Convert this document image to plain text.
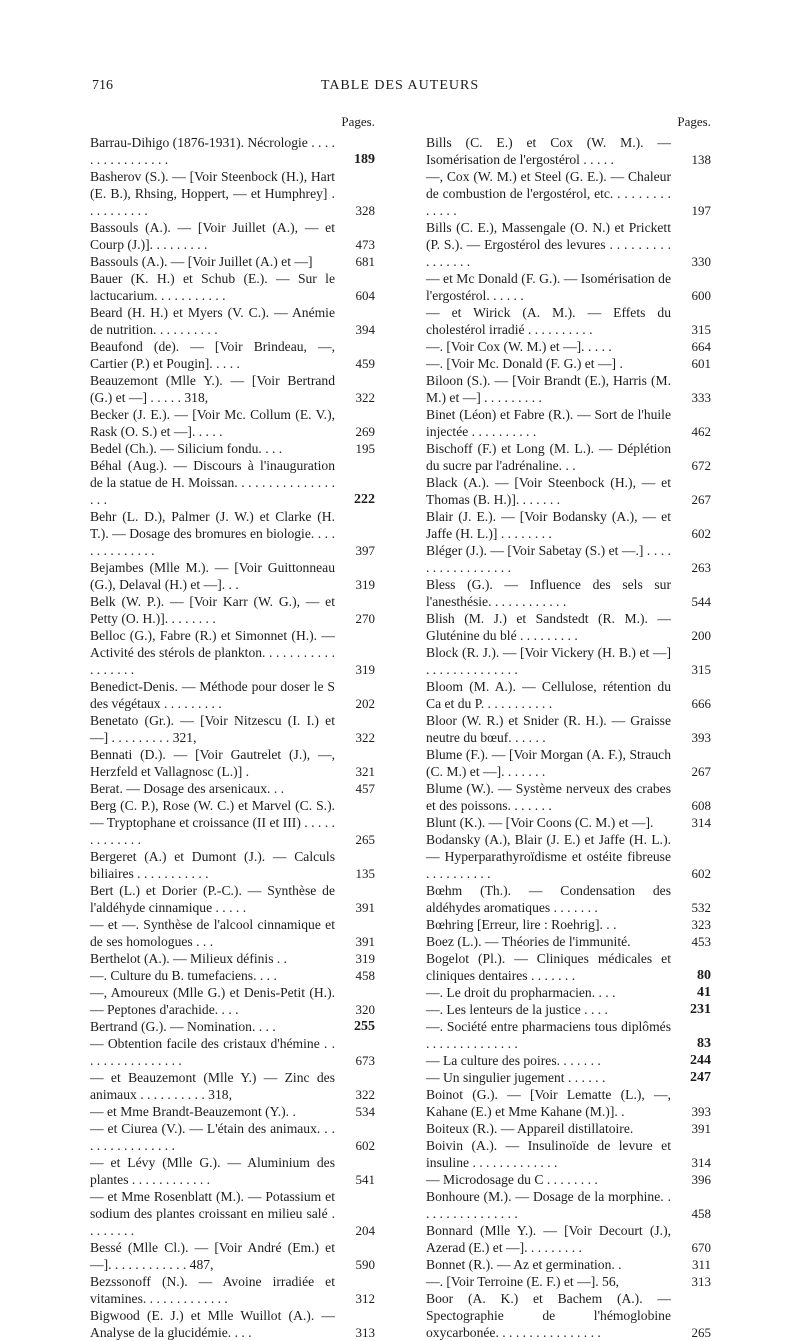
716	TABLE DES AUTEURS
Pages.
Barrau-Dihigo (1876-1931). Nécrologie . . . . . . . . . . . . . . . .	189
Basherov (S.). — [Voir Steenbock (H.), Hart (E. B.), Rhsing, Hoppert, — et Humphrey] . . . . . . . . . .	328
Bassouls (A.). — [Voir Juillet (A.), — et Courp (J.)]. . . . . . . . .	473
Bassouls (A.). — [Voir Juillet (A.) et —]	681
Bauer (K. H.) et Schub (E.). — Sur le lactucarium. . . . . . . . . . .	604
Beard (H. H.) et Myers (V. C.). — Anémie de nutrition. . . . . . . . . .	394
Beaufond (de). — [Voir Brindeau, —, Cartier (P.) et Pougin]. . . . .	459
Beauzemont (Mlle Y.). — [Voir Bertrand (G.) et —] . . . . . 318,	322
Becker (J. E.). — [Voir Mc. Collum (E. V.), Rask (O. S.) et —]. . . . .	269
Bedel (Ch.). — Silicium fondu. . . .	195
Béhal (Aug.). — Discours à l'inauguration de la statue de H. Moissan. . . . . . . . . . . . . . . . . .	222
Behr (L. D.), Palmer (J. W.) et Clarke (H. T.). — Dosage des bromures en biologie. . . . . . . . . . . . . .	397
Bejambes (Mlle M.). — [Voir Guittonneau (G.), Delaval (H.) et —]. . .	319
Belk (W. P.). — [Voir Karr (W. G.), — et Petty (O. H.)]. . . . . . . .	270
Belloc (G.), Fabre (R.) et Simonnet (H.). — Activité des stérols de plankton. . . . . . . . . . . . . . . . . .	319
Benedict-Denis. — Méthode pour doser le S des végétaux . . . . . . . . .	202
Benetato (Gr.). — [Voir Nitzescu (I. I.) et —] . . . . . . . . . 321,	322
Bennati (D.). — [Voir Gautrelet (J.), —, Herzfeld et Vallagnosc (L.)] .	321
Berat. — Dosage des arsenicaux. . .	457
Berg (C. P.), Rose (W. C.) et Marvel (C. S.). — Tryptophane et croissance (II et III) . . . . . . . . . . . . .	265
Bergeret (A.) et Dumont (J.). — Calculs biliaires . . . . . . . . . . .	135
Bert (L.) et Dorier (P.-C.). — Synthèse de l'aldéhyde cinnamique . . . . .	391
— et —. Synthèse de l'alcool cinnamique et de ses homologues . . .	391
Berthelot (A.). — Milieux définis . .	319
—. Culture du B. tumefaciens. . . .	458
—, Amoureux (Mlle G.) et Denis-Petit (H.). — Peptones d'arachide. . . .	320
Bertrand (G.). — Nomination. . . .	255
— Obtention facile des cristaux d'hémine . . . . . . . . . . . . . . . .	673
— et Beauzemont (Mlle Y.) — Zinc des animaux . . . . . . . . . . 318,	322
— et Mme Brandt-Beauzemont (Y.). .	534
— et Ciurea (V.). — L'étain des animaux. . . . . . . . . . . . . . . .	602
— et Lévy (Mlle G.). — Aluminium des plantes . . . . . . . . . . . .	541
— et Mme Rosenblatt (M.). — Potassium et sodium des plantes croissant en milieu salé . . . . . . . .	204
Bessé (Mlle Cl.). — [Voir André (Em.) et —]. . . . . . . . . . . . 487,	590
Bezssonoff (N.). — Avoine irradiée et vitamines. . . . . . . . . . . . .	312
Bigwood (E. J.) et Mlle Wuillot (A.). — Analyse de la glucidémie. . . .	313
Pages.
Bills (C. E.) et Cox (W. M.). — Isomérisation de l'ergostérol . . . . .	138
—, Cox (W. M.) et Steel (G. E.). — Chaleur de combustion de l'ergostérol, etc. . . . . . . . . . . . . .	197
Bills (C. E.), Massengale (O. N.) et Prickett (P. S.). — Ergostérol des levures . . . . . . . . . . . . . . . .	330
— et Mc Donald (F. G.). — Isomérisation de l'ergostérol. . . . . .	600
— et Wirick (A. M.). — Effets du cholestérol irradié . . . . . . . . . .	315
—. [Voir Cox (W. M.) et —]. . . . .	664
—. [Voir Mc. Donald (F. G.) et —] .	601
Biloon (S.). — [Voir Brandt (E.), Harris (M. M.) et —] . . . . . . . . .	333
Binet (Léon) et Fabre (R.). — Sort de l'huile injectée . . . . . . . . . .	462
Bischoff (F.) et Long (M. L.). — Déplétion du sucre par l'adrénaline. . .	672
Black (A.). — [Voir Steenbock (H.), — et Thomas (B. H.)]. . . . . . .	267
Blair (J. E.). — [Voir Bodansky (A.), — et Jaffe (H. L.)] . . . . . . . .	602
Bléger (J.). — [Voir Sabetay (S.) et —.] . . . . . . . . . . . . . . . . .	263
Bless (G.). — Influence des sels sur l'anesthésie. . . . . . . . . . . .	544
Blish (M. J.) et Sandstedt (R. M.). — Gluténine du blé . . . . . . . . .	200
Block (R. J.). — [Voir Vickery (H. B.) et —] . . . . . . . . . . . . . .	315
Bloom (M. A.). — Cellulose, rétention du Ca et du P. . . . . . . . . . .	666
Bloor (W. R.) et Snider (R. H.). — Graisse neutre du bœuf. . . . . .	393
Blume (F.). — [Voir Morgan (A. F.), Strauch (C. M.) et —]. . . . . . .	267
Blume (W.). — Système nerveux des crabes et des poissons. . . . . . .	608
Blunt (K.). — [Voir Coons (C. M.) et —].	314
Bodansky (A.), Blair (J. E.) et Jaffe (H. L.). — Hyperparathyroïdisme et ostéite fibreuse . . . . . . . . . .	602
Bœhm (Th.). — Condensation des aldéhydes aromatiques . . . . . . .	532
Bœhring [Erreur, lire : Roehrig]. . .	323
Boez (L.). — Théories de l'immunité.	453
Bogelot (Pl.). — Cliniques médicales et cliniques dentaires . . . . . . .	80
—. Le droit du propharmacien. . . .	41
—. Les lenteurs de la justice . . . .	231
—. Société entre pharmaciens tous diplômés . . . . . . . . . . . . . .	83
— La culture des poires. . . . . . .	244
— Un singulier jugement . . . . . .	247
Boinot (G.). — [Voir Lematte (L.), —, Kahane (E.) et Mme Kahane (M.)]. .	393
Boiteux (R.). — Appareil distillatoire.	391
Boivin (A.). — Insulinoïde de levure et insuline . . . . . . . . . . . . .	314
— Microdosage du C . . . . . . . .	396
Bonhoure (M.). — Dosage de la morphine. . . . . . . . . . . . . . . .	458
Bonnard (Mlle Y.). — [Voir Decourt (J.), Azerad (E.) et —]. . . . . . . . .	670
Bonnet (R.). — Az et germination. .	311
—. [Voir Terroine (E. F.) et —]. 56,	313
Boor (A. K.) et Bachem (A.). — Spectographie de l'hémoglobine oxycarbonée. . . . . . . . . . . . . . . .	265
